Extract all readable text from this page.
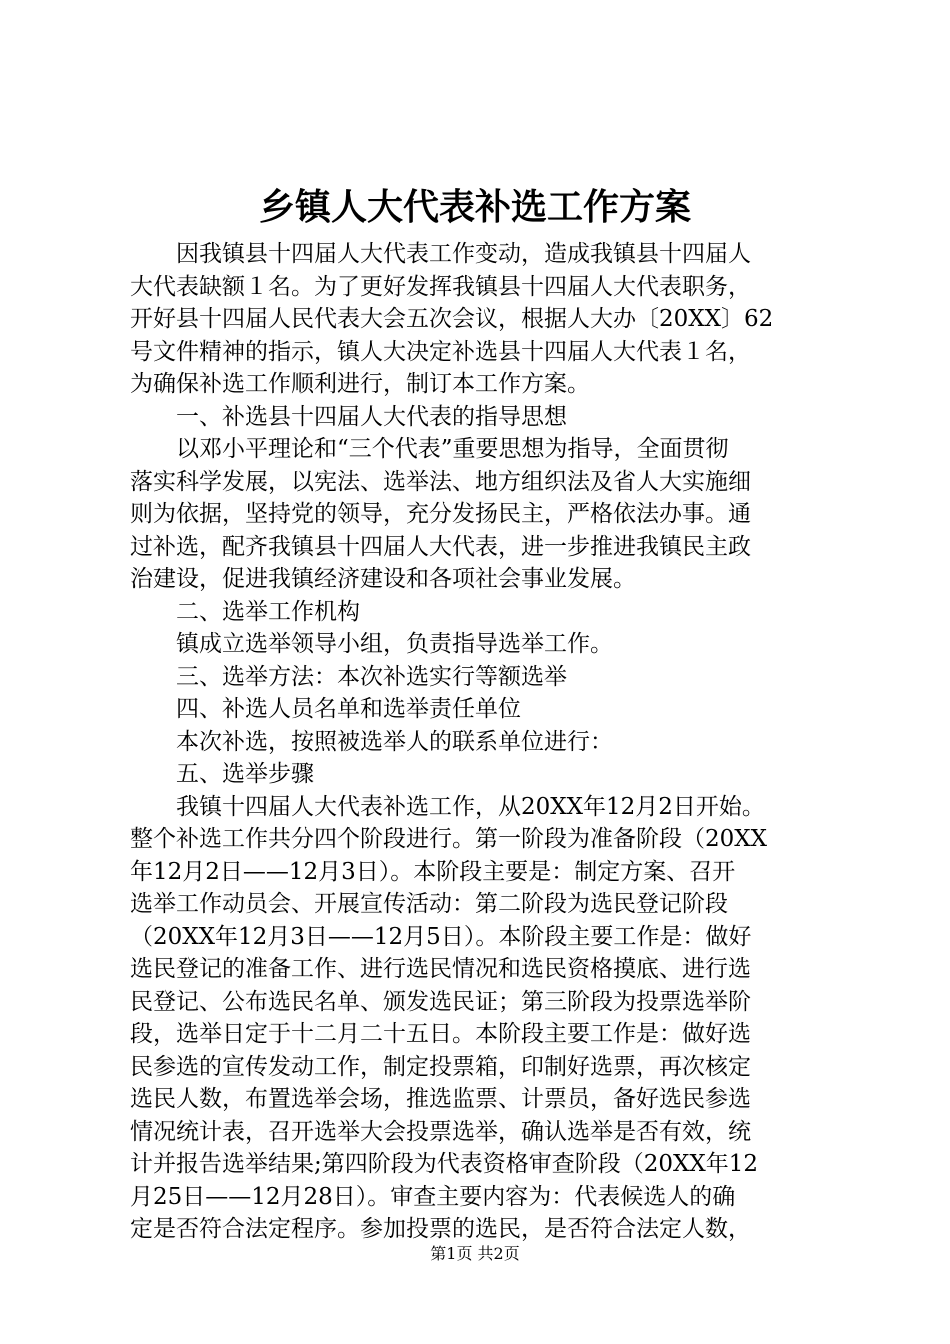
乡镇人大代表补选工作方案
因我镇县十四届人大代表工作变动，造成我镇县十四届人
大代表缺额１名。为了更好发挥我镇县十四届人大代表职务，
开好县十四届人民代表大会五次会议，根据人大办〔20XX〕62
号文件精神的指示，镇人大决定补选县十四届人大代表１名，
为确保补选工作顺利进行，制订本工作方案。
一、补选县十四届人大代表的指导思想
以邓小平理论和“三个代表”重要思想为指导，全面贯彻
落实科学发展，以宪法、选举法、地方组织法及省人大实施细
则为依据，坚持党的领导，充分发扬民主，严格依法办事。通
过补选，配齐我镇县十四届人大代表，进一步推进我镇民主政
治建设，促进我镇经济建设和各项社会事业发展。
二、选举工作机构
镇成立选举领导小组，负责指导选举工作。
三、选举方法：本次补选实行等额选举
四、补选人员名单和选举责任单位
本次补选，按照被选举人的联系单位进行：
五、选举步骤
我镇十四届人大代表补选工作，从20XX年12月2日开始。
整个补选工作共分四个阶段进行。第一阶段为准备阶段（20XX
年12月2日——12月3日）。本阶段主要是：制定方案、召开
选举工作动员会、开展宣传活动：第二阶段为选民登记阶段
（20XX年12月3日——12月5日）。本阶段主要工作是：做好
选民登记的准备工作、进行选民情况和选民资格摸底、进行选
民登记、公布选民名单、颁发选民证；第三阶段为投票选举阶
段，选举日定于十二月二十五日。本阶段主要工作是：做好选
民参选的宣传发动工作，制定投票箱，印制好选票，再次核定
选民人数，布置选举会场，推选监票、计票员，备好选民参选
情况统计表，召开选举大会投票选举，确认选举是否有效，统
计并报告选举结果;第四阶段为代表资格审查阶段（20XX年12
月25日——12月28日）。审查主要内容为：代表候选人的确
定是否符合法定程序。参加投票的选民，是否符合法定人数，
第1页 共2页
